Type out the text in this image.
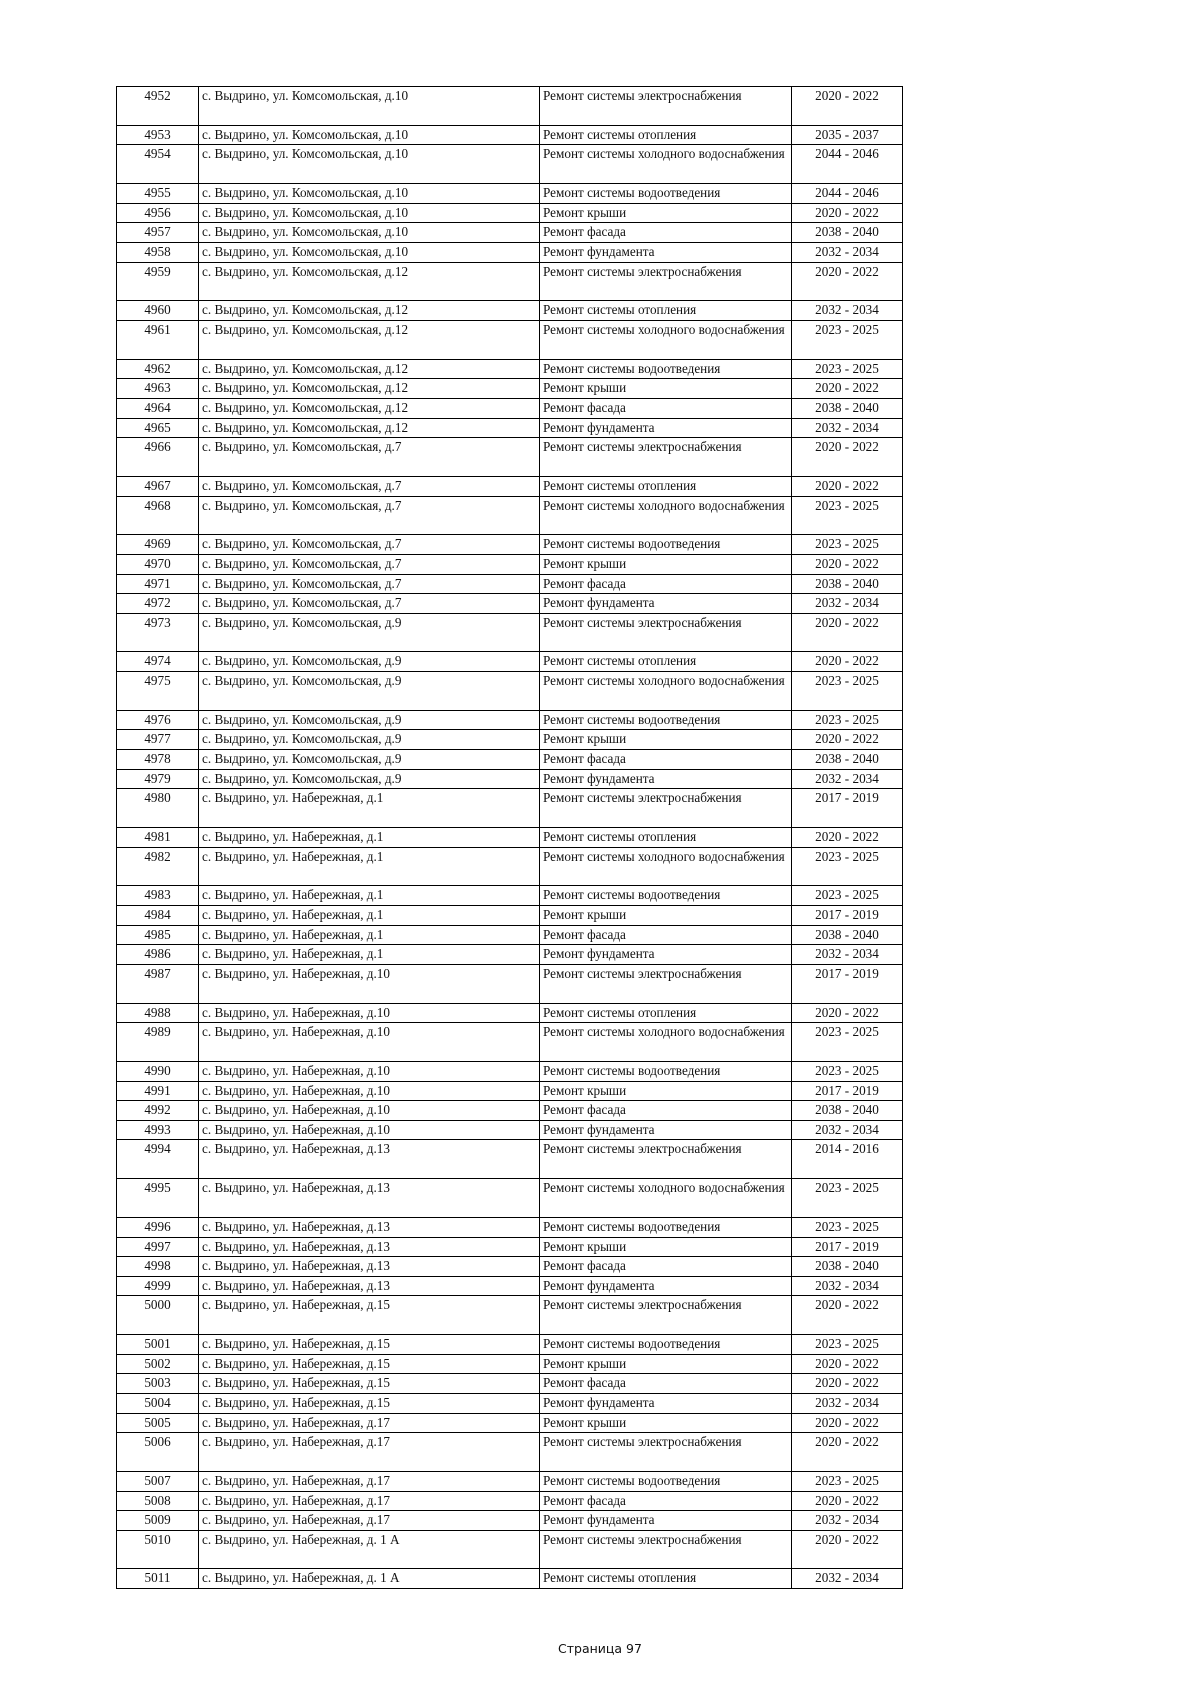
4952	с. Выдрино, ул. Комсомольская, д.10	Ремонт системы электроснабжения	2020 - 2022
4953	с. Выдрино, ул. Комсомольская, д.10	Ремонт системы отопления	2035 - 2037
4954	с. Выдрино, ул. Комсомольская, д.10	Ремонт системы холодного водоснабжения	2044 - 2046
4955	с. Выдрино, ул. Комсомольская, д.10	Ремонт системы водоотведения	2044 - 2046
4956	с. Выдрино, ул. Комсомольская, д.10	Ремонт крыши	2020 - 2022
4957	с. Выдрино, ул. Комсомольская, д.10	Ремонт фасада	2038 - 2040
4958	с. Выдрино, ул. Комсомольская, д.10	Ремонт фундамента	2032 - 2034
4959	с. Выдрино, ул. Комсомольская, д.12	Ремонт системы электроснабжения	2020 - 2022
4960	с. Выдрино, ул. Комсомольская, д.12	Ремонт системы отопления	2032 - 2034
4961	с. Выдрино, ул. Комсомольская, д.12	Ремонт системы холодного водоснабжения	2023 - 2025
4962	с. Выдрино, ул. Комсомольская, д.12	Ремонт системы водоотведения	2023 - 2025
4963	с. Выдрино, ул. Комсомольская, д.12	Ремонт крыши	2020 - 2022
4964	с. Выдрино, ул. Комсомольская, д.12	Ремонт фасада	2038 - 2040
4965	с. Выдрино, ул. Комсомольская, д.12	Ремонт фундамента	2032 - 2034
4966	с. Выдрино, ул. Комсомольская, д.7	Ремонт системы электроснабжения	2020 - 2022
4967	с. Выдрино, ул. Комсомольская, д.7	Ремонт системы отопления	2020 - 2022
4968	с. Выдрино, ул. Комсомольская, д.7	Ремонт системы холодного водоснабжения	2023 - 2025
4969	с. Выдрино, ул. Комсомольская, д.7	Ремонт системы водоотведения	2023 - 2025
4970	с. Выдрино, ул. Комсомольская, д.7	Ремонт крыши	2020 - 2022
4971	с. Выдрино, ул. Комсомольская, д.7	Ремонт фасада	2038 - 2040
4972	с. Выдрино, ул. Комсомольская, д.7	Ремонт фундамента	2032 - 2034
4973	с. Выдрино, ул. Комсомольская, д.9	Ремонт системы электроснабжения	2020 - 2022
4974	с. Выдрино, ул. Комсомольская, д.9	Ремонт системы отопления	2020 - 2022
4975	с. Выдрино, ул. Комсомольская, д.9	Ремонт системы холодного водоснабжения	2023 - 2025
4976	с. Выдрино, ул. Комсомольская, д.9	Ремонт системы водоотведения	2023 - 2025
4977	с. Выдрино, ул. Комсомольская, д.9	Ремонт крыши	2020 - 2022
4978	с. Выдрино, ул. Комсомольская, д.9	Ремонт фасада	2038 - 2040
4979	с. Выдрино, ул. Комсомольская, д.9	Ремонт фундамента	2032 - 2034
4980	с. Выдрино, ул. Набережная, д.1	Ремонт системы электроснабжения	2017 - 2019
4981	с. Выдрино, ул. Набережная, д.1	Ремонт системы отопления	2020 - 2022
4982	с. Выдрино, ул. Набережная, д.1	Ремонт системы холодного водоснабжения	2023 - 2025
4983	с. Выдрино, ул. Набережная, д.1	Ремонт системы водоотведения	2023 - 2025
4984	с. Выдрино, ул. Набережная, д.1	Ремонт крыши	2017 - 2019
4985	с. Выдрино, ул. Набережная, д.1	Ремонт фасада	2038 - 2040
4986	с. Выдрино, ул. Набережная, д.1	Ремонт фундамента	2032 - 2034
4987	с. Выдрино, ул. Набережная, д.10	Ремонт системы электроснабжения	2017 - 2019
4988	с. Выдрино, ул. Набережная, д.10	Ремонт системы отопления	2020 - 2022
4989	с. Выдрино, ул. Набережная, д.10	Ремонт системы холодного водоснабжения	2023 - 2025
4990	с. Выдрино, ул. Набережная, д.10	Ремонт системы водоотведения	2023 - 2025
4991	с. Выдрино, ул. Набережная, д.10	Ремонт крыши	2017 - 2019
4992	с. Выдрино, ул. Набережная, д.10	Ремонт фасада	2038 - 2040
4993	с. Выдрино, ул. Набережная, д.10	Ремонт фундамента	2032 - 2034
4994	с. Выдрино, ул. Набережная, д.13	Ремонт системы электроснабжения	2014 - 2016
4995	с. Выдрино, ул. Набережная, д.13	Ремонт системы холодного водоснабжения	2023 - 2025
4996	с. Выдрино, ул. Набережная, д.13	Ремонт системы водоотведения	2023 - 2025
4997	с. Выдрино, ул. Набережная, д.13	Ремонт крыши	2017 - 2019
4998	с. Выдрино, ул. Набережная, д.13	Ремонт фасада	2038 - 2040
4999	с. Выдрино, ул. Набережная, д.13	Ремонт фундамента	2032 - 2034
5000	с. Выдрино, ул. Набережная, д.15	Ремонт системы электроснабжения	2020 - 2022
5001	с. Выдрино, ул. Набережная, д.15	Ремонт системы водоотведения	2023 - 2025
5002	с. Выдрино, ул. Набережная, д.15	Ремонт крыши	2020 - 2022
5003	с. Выдрино, ул. Набережная, д.15	Ремонт фасада	2020 - 2022
5004	с. Выдрино, ул. Набережная, д.15	Ремонт фундамента	2032 - 2034
5005	с. Выдрино, ул. Набережная, д.17	Ремонт крыши	2020 - 2022
5006	с. Выдрино, ул. Набережная, д.17	Ремонт системы электроснабжения	2020 - 2022
5007	с. Выдрино, ул. Набережная, д.17	Ремонт системы водоотведения	2023 - 2025
5008	с. Выдрино, ул. Набережная, д.17	Ремонт фасада	2020 - 2022
5009	с. Выдрино, ул. Набережная, д.17	Ремонт фундамента	2032 - 2034
5010	с. Выдрино, ул. Набережная, д. 1 А	Ремонт системы электроснабжения	2020 - 2022
5011	с. Выдрино, ул. Набережная, д. 1 А	Ремонт системы отопления	2032 - 2034
Страница 97
